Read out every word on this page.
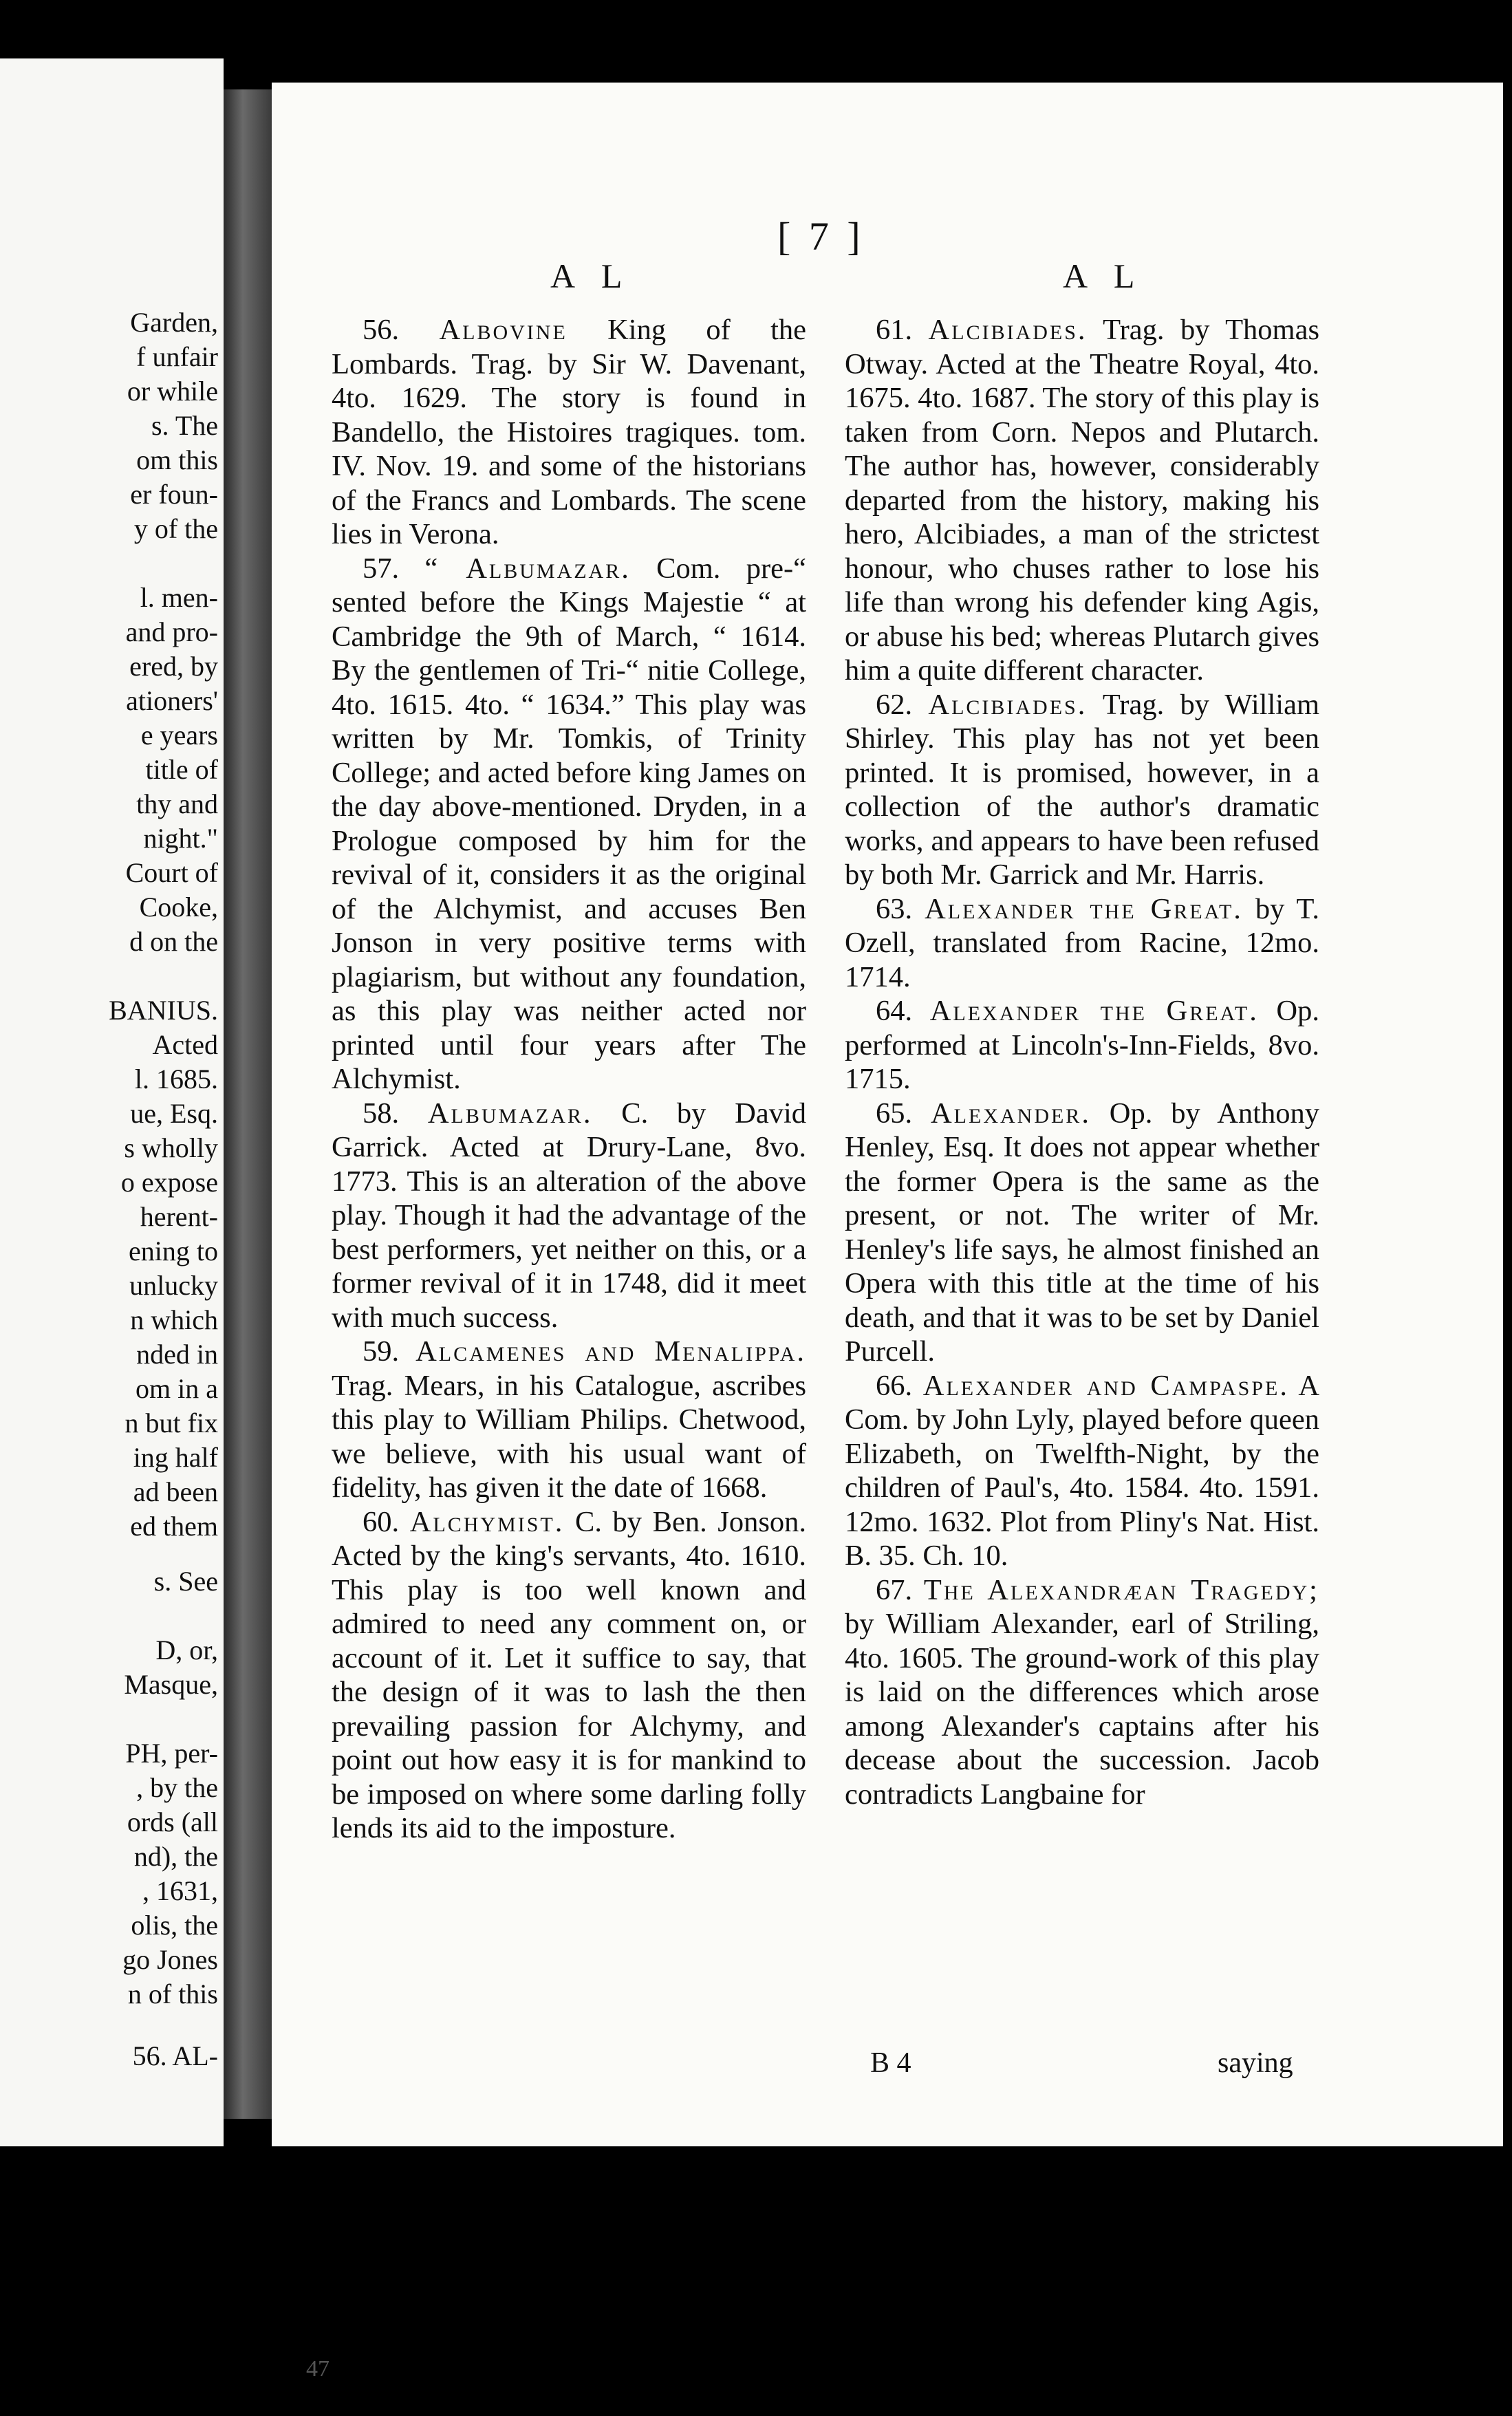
Garden,
f unfair
or while
s. The
om this
er foun-
y of the
l. men-
and pro-
ered, by
ationers'
e years
title of
thy and
night."
Court of
Cooke,
d on the
BANIUS.
Acted
l. 1685.
ue, Esq.
s wholly
o expose
herent-
ening to
unlucky
n which
nded in
om in a
n but fix
ing half
ad been
ed them
s. See
D, or,
Masque,
PH, per-
, by the
ords (all
nd), the
, 1631,
olis, the
go Jones
n of this
56. AL-
[ 7 ]
A L	A L

56. Albovine King of the Lombards. Trag. by Sir W. Davenant, 4to. 1629. The story is found in Bandello, the Histoires tragiques. tom. IV. Nov. 19. and some of the historians of the Francs and Lombards. The scene lies in Verona.

57. “ Albumazar. Com. pre-“ sented before the Kings Majestie “ at Cambridge the 9th of March, “ 1614. By the gentlemen of Tri-“ nitie College, 4to. 1615. 4to. “ 1634.” This play was written by Mr. Tomkis, of Trinity College; and acted before king James on the day above-mentioned. Dryden, in a Prologue composed by him for the revival of it, considers it as the original of the Alchymist, and accuses Ben Jonson in very positive terms with plagiarism, but without any foundation, as this play was neither acted nor printed until four years after The Alchymist.

58. Albumazar. C. by David Garrick. Acted at Drury-Lane, 8vo. 1773. This is an alteration of the above play. Though it had the advantage of the best performers, yet neither on this, or a former revival of it in 1748, did it meet with much success.

59. Alcamenes and Menalippa. Trag. Mears, in his Catalogue, ascribes this play to William Philips. Chetwood, we believe, with his usual want of fidelity, has given it the date of 1668.

60. Alchymist. C. by Ben. Jonson. Acted by the king's servants, 4to. 1610. This play is too well known and admired to need any comment on, or account of it. Let it suffice to say, that the design of it was to lash the then prevailing passion for Alchymy, and point out how easy it is for mankind to be imposed on where some darling folly lends its aid to the imposture.

61. Alcibiades. Trag. by Thomas Otway. Acted at the Theatre Royal, 4to. 1675. 4to. 1687. The story of this play is taken from Corn. Nepos and Plutarch. The author has, however, considerably departed from the history, making his hero, Alcibiades, a man of the strictest honour, who chuses rather to lose his life than wrong his defender king Agis, or abuse his bed; whereas Plutarch gives him a quite different character.

62. Alcibiades. Trag. by William Shirley. This play has not yet been printed. It is promised, however, in a collection of the author's dramatic works, and appears to have been refused by both Mr. Garrick and Mr. Harris.

63. Alexander the Great. by T. Ozell, translated from Racine, 12mo. 1714.

64. Alexander the Great. Op. performed at Lincoln's-Inn-Fields, 8vo. 1715.

65. Alexander. Op. by Anthony Henley, Esq. It does not appear whether the former Opera is the same as the present, or not. The writer of Mr. Henley's life says, he almost finished an Opera with this title at the time of his death, and that it was to be set by Daniel Purcell.

66. Alexander and Campaspe. A Com. by John Lyly, played before queen Elizabeth, on Twelfth-Night, by the children of Paul's, 4to. 1584. 4to. 1591. 12mo. 1632. Plot from Pliny's Nat. Hist. B. 35. Ch. 10.

67. The Alexandræan Tragedy; by William Alexander, earl of Striling, 4to. 1605. The ground-work of this play is laid on the differences which arose among Alexander's captains after his decease about the succession. Jacob contradicts Langbaine for

B 4	saying
47
